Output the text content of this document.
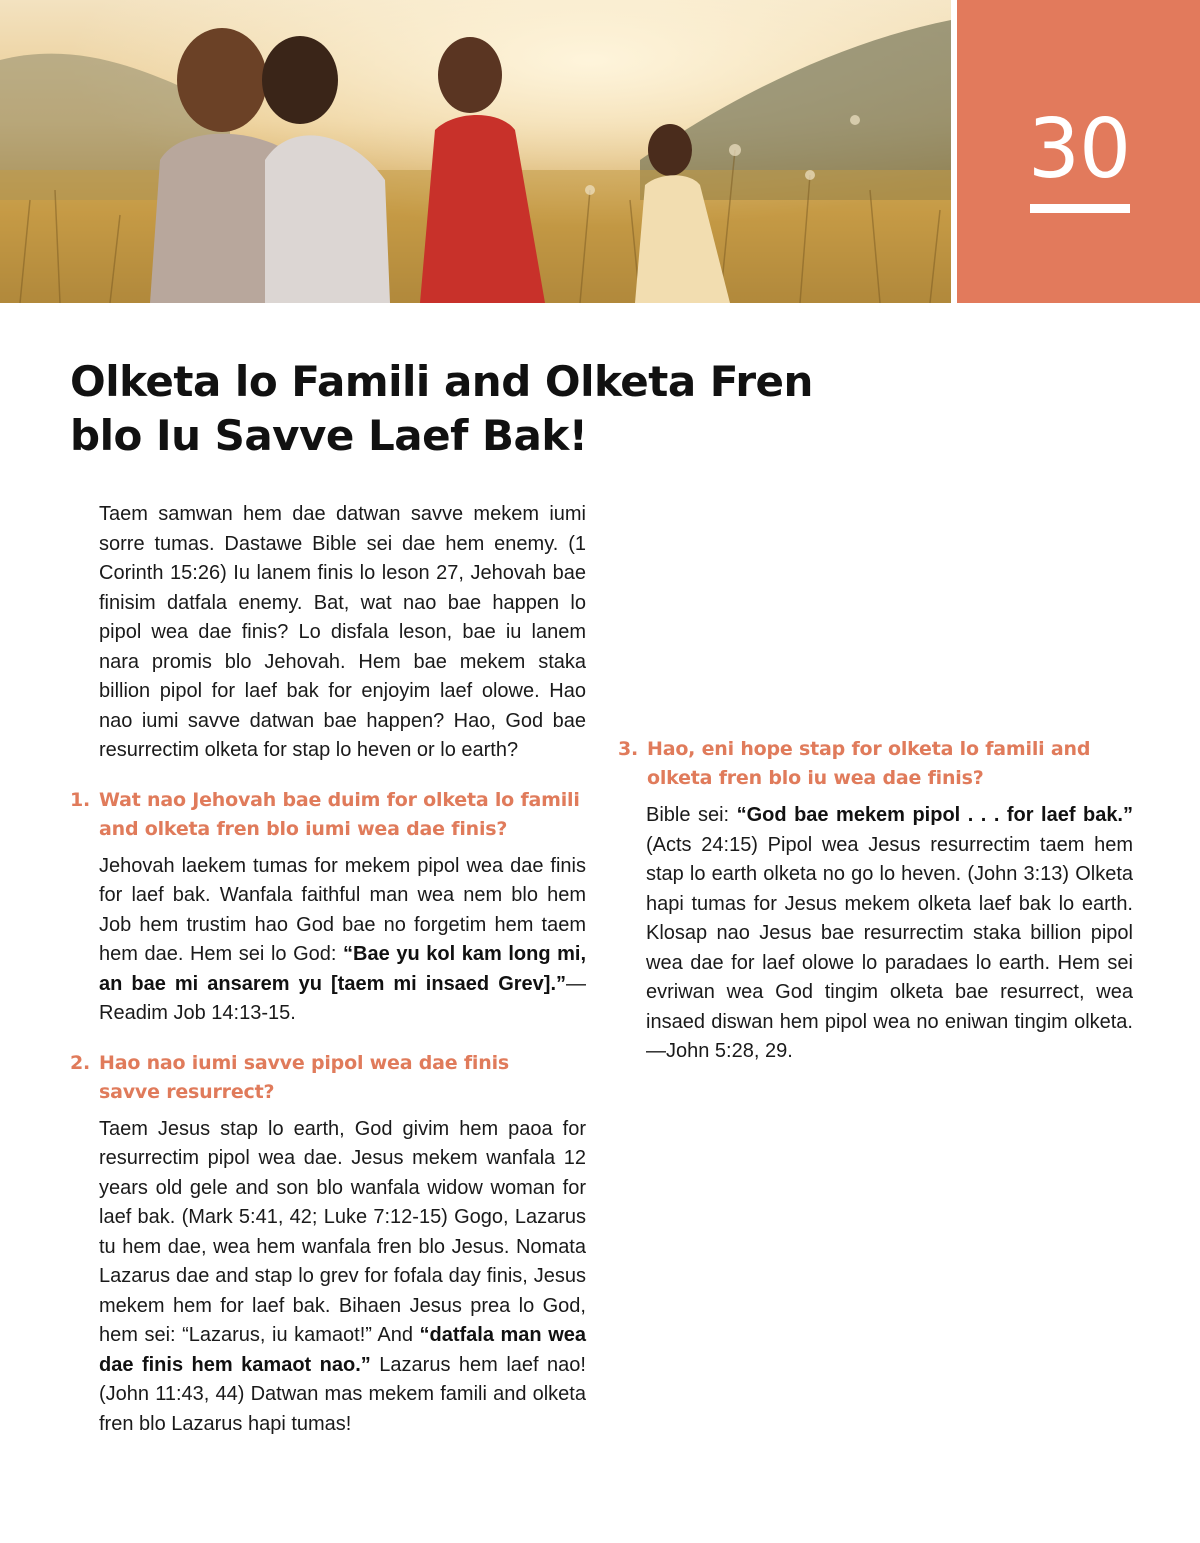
30
Olketa lo Famili and Olketa Fren
blo Iu Savve Laef Bak!

Taem samwan hem dae datwan savve mekem iumi sorre tumas. Dastawe Bible sei dae hem enemy. (1 Corinth 15:26) Iu lanem finis lo leson 27, Jehovah bae finisim datfala enemy. Bat, wat nao bae happen lo pipol wea dae finis? Lo disfala leson, bae iu lanem nara promis blo Jehovah. Hem bae mekem staka billion pipol for laef bak for enjoyim laef olowe. Hao nao iumi savve datwan bae happen? Hao, God bae resurrectim olketa for stap lo heven or lo earth?

1. Wat nao Jehovah bae duim for olketa lo famili and olketa fren blo iumi wea dae finis?

Jehovah laekem tumas for mekem pipol wea dae finis for laef bak. Wanfala faithful man wea nem blo hem Job hem trustim hao God bae no forgetim hem taem hem dae. Hem sei lo God: “Bae yu kol kam long mi, an bae mi ansarem yu [taem mi insaed Grev].”—Readim Job 14:13-15.

2. Hao nao iumi savve pipol wea dae finis savve resurrect?

Taem Jesus stap lo earth, God givim hem paoa for resurrectim pipol wea dae. Jesus mekem wanfala 12 years old gele and son blo wanfala widow woman for laef bak. (Mark 5:41, 42; Luke 7:12-15) Gogo, Lazarus tu hem dae, wea hem wanfala fren blo Jesus. Nomata Lazarus dae and stap lo grev for fofala day finis, Jesus mekem hem for laef bak. Bihaen Jesus prea lo God, hem sei: “Lazarus, iu kamaot!” And “datfala man wea dae finis hem kamaot nao.” Lazarus hem laef nao! (John 11:43, 44) Datwan mas mekem famili and olketa fren blo Lazarus hapi tumas!

3. Hao, eni hope stap for olketa lo famili and olketa fren blo iu wea dae finis?

Bible sei: “God bae mekem pipol . . . for laef bak.” (Acts 24:15) Pipol wea Jesus resurrectim taem hem stap lo earth olketa no go lo heven. (John 3:13) Olketa hapi tumas for Jesus mekem olketa laef bak lo earth. Klosap nao Jesus bae resurrectim staka billion pipol wea dae for laef olowe lo paradaes lo earth. Hem sei evriwan wea God tingim olketa bae resurrect, wea insaed diswan hem pipol wea no eniwan tingim olketa.—John 5:28, 29.
